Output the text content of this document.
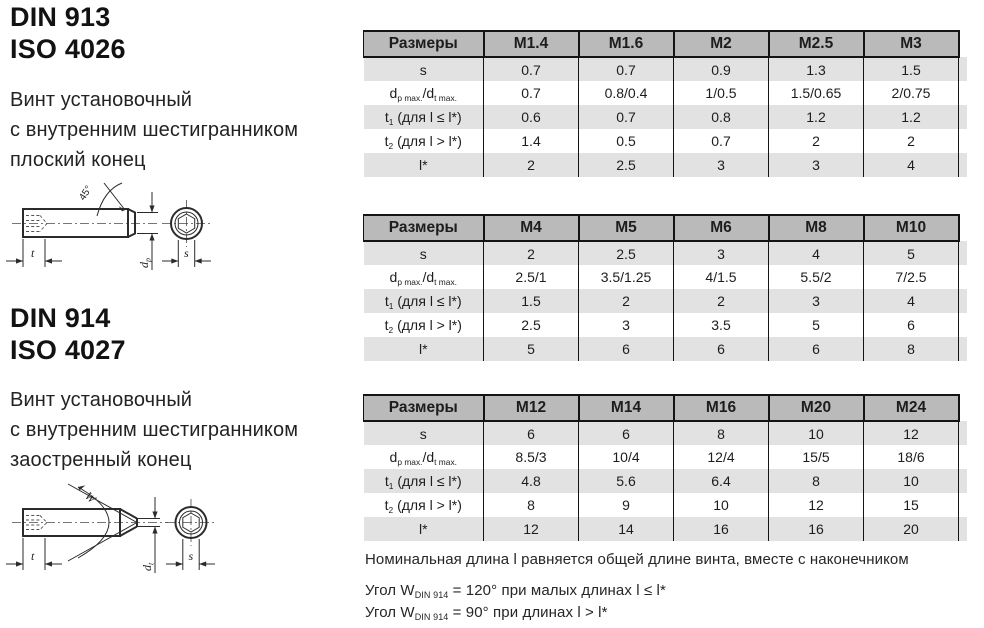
DIN 913
ISO 4026
Винт установочный
с внутренним шестигранником
плоский конец
45°
t
$d_p$	s
DIN 914
ISO 4027
Винт установочный
с внутренним шестигранником
заостренный конец
W
t
$d_t$
s
Размеры	M1.4	M1.6	M2	M2.5	M3	
s	0.7	0.7	0.9	1.3	1.5	
dp max./dt max.	0.7	0.8/0.4	1/0.5	1.5/0.65	2/0.75	
t1 (для l ≤ l*)	0.6	0.7	0.8	1.2	1.2	
t2 (для l > l*)	1.4	0.5	0.7	2	2	
l*	2	2.5	3	3	4	
Размеры	M4	M5	M6	M8	M10	
s	2	2.5	3	4	5	
dp max./dt max.	2.5/1	3.5/1.25	4/1.5	5.5/2	7/2.5	
t1 (для l ≤ l*)	1.5	2	2	3	4	
t2 (для l > l*)	2.5	3	3.5	5	6	
l*	5	6	6	6	8	
Размеры	M12	M14	M16	M20	M24	
s	6	6	8	10	12	
dp max./dt max.	8.5/3	10/4	12/4	15/5	18/6	
t1 (для l ≤ l*)	4.8	5.6	6.4	8	10	
t2 (для l > l*)	8	9	10	12	15	
l*	12	14	16	16	20	
Номинальная длина l равняется общей длине винта, вместе с наконечником
Угол WDIN 914 = 120° при малых длинах l ≤ l*
Угол WDIN 914 = 90° при длинах l > l*
